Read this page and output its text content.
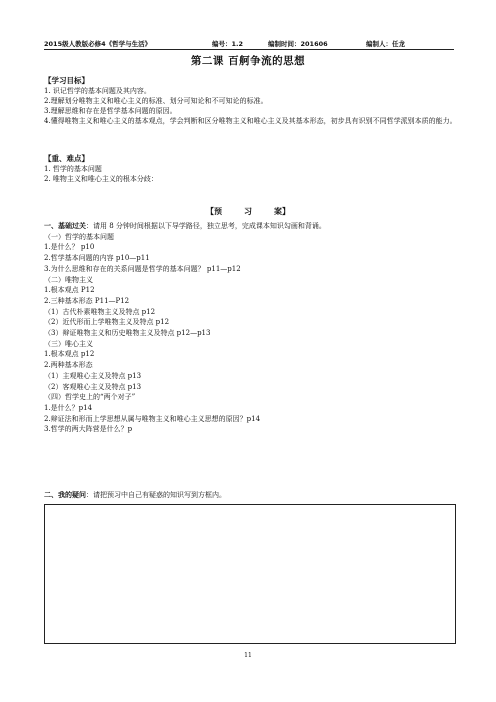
2015级人教版必修4《哲学与生活》	编号：1.2	编制时间：201606	编制人：任龙
第二课 百舸争流的思想
【学习目标】
1. 识记哲学的基本问题及其内容。
2.理解划分唯物主义和唯心主义的标准、划分可知论和不可知论的标准。
3.理解思维和存在是哲学基本问题的原因。
4.懂得唯物主义和唯心主义的基本观点，学会判断和区分唯物主义和唯心主义及其基本形态，初步具有识别不同哲学派别本质的能力。
【重、难点】
1. 哲学的基本问题
2. 唯物主义和唯心主义的根本分歧：
【预	习	案】
一、基础过关：请用 8 分钟时间根据以下导学路径，独立思考，完成课本知识勾画和背诵。
（一）哲学的基本问题
1.是什么？ p10
2.哲学基本问题的内容 p10—p11
3.为什么思维和存在的关系问题是哲学的基本问题？ p11—p12
（二）唯物主义
1.根本观点 P12
2.三种基本形态 P11—P12
（1）古代朴素唯物主义及特点 p12
（2）近代形而上学唯物主义及特点 p12
（3）辩证唯物主义和历史唯物主义及特点 p12—p13
（三）唯心主义
1.根本观点 p12
2.两种基本形态
（1）主观唯心主义及特点 p13
（2）客观唯心主义及特点 p13
（四）哲学史上的“两个对子”
1.是什么？p14
2.辩证法和形而上学思想从属与唯物主义和唯心主义思想的原因？p14
3.哲学的两大阵营是什么？p
二、我的疑问：请把预习中自己有疑惑的知识写到方框内。
11
